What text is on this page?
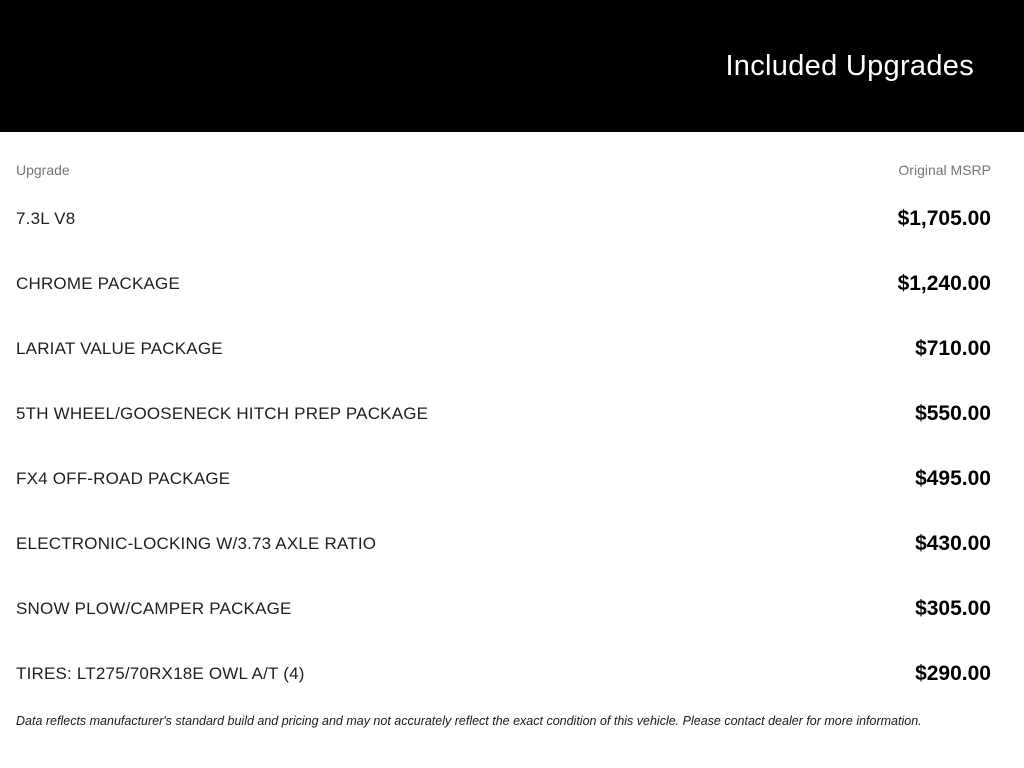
Included Upgrades
Upgrade	Original MSRP
7.3L V8	$1,705.00
CHROME PACKAGE	$1,240.00
LARIAT VALUE PACKAGE	$710.00
5TH WHEEL/GOOSENECK HITCH PREP PACKAGE	$550.00
FX4 OFF-ROAD PACKAGE	$495.00
ELECTRONIC-LOCKING W/3.73 AXLE RATIO	$430.00
SNOW PLOW/CAMPER PACKAGE	$305.00
TIRES: LT275/70RX18E OWL A/T (4)	$290.00

Data reflects manufacturer's standard build and pricing and may not accurately reflect the exact condition of this vehicle. Please contact dealer for more information.
